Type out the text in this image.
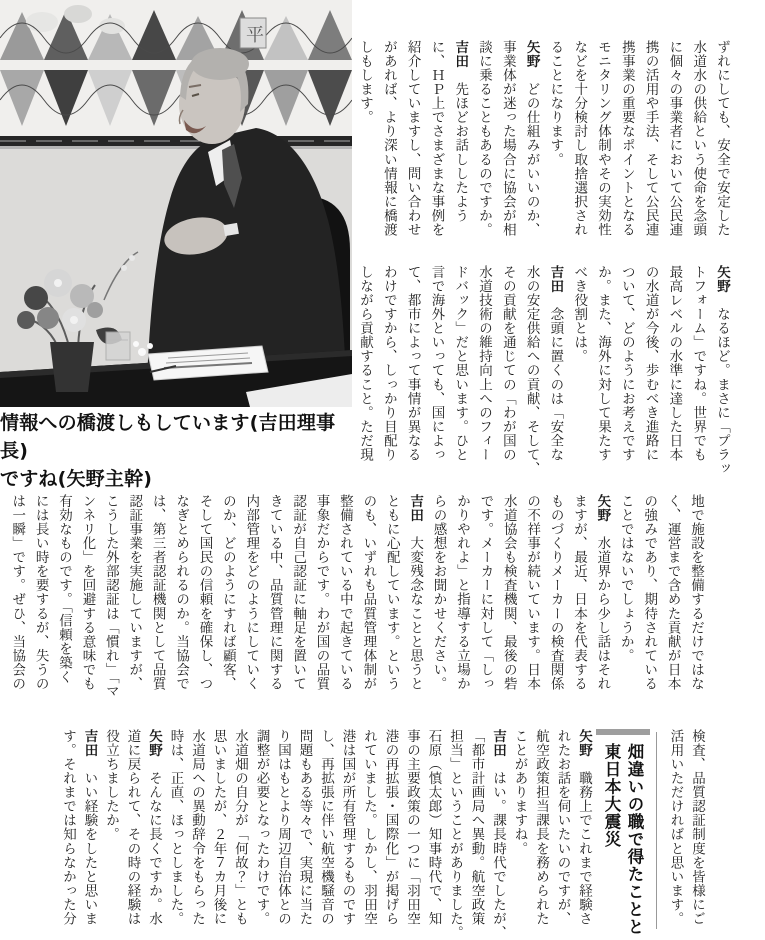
平
情報への橋渡しもしています(吉田理事長)
ですね(矢野主幹)

ずれにしても、安全で安定した

水道水の供給という使命を念頭

に個々の事業者において公民連

携の活用や手法、そして公民連

携事業の重要なポイントとなる

モニタリング体制やその実効性

などを十分検討し取捨選択され

ることになります。

矢野　どの仕組みがいいのか、

事業体が迷った場合に協会が相

談に乗ることもあるのですか。

吉田　先ほどお話ししたよう

に、ＨＰ上でさまざまな事例を

紹介していますし、問い合わせ

があれば、より深い情報に橋渡

しもします。

矢野　なるほど。まさに「プラッ

トフォーム」ですね。世界でも

最高レベルの水準に達した日本

の水道が今後、歩むべき進路に

ついて、どのようにお考えです

か。また、海外に対して果たす

べき役割とは。

吉田　念頭に置くのは「安全な

水の安定供給への貢献、そして、

その貢献を通じての「わが国の

水道技術の維持向上へのフィー

ドバック」だと思います。ひと

言で海外といっても、国によっ

て、都市によって事情が異なる

わけですから、しっかり目配り

しながら貢献すること。ただ現

地で施設を整備するだけではな

く、運営まで含めた貢献が日本

の強みであり、期待されている

ことではないでしょうか。

矢野　水道界から少し話はそれ

ますが、最近、日本を代表する

ものづくりメーカーの検査関係

の不祥事が続いています。日本

水道協会も検査機関、最後の砦

です。メーカーに対して「しっ

かりやれよ」と指導する立場か

らの感想をお聞かせください。

吉田　大変残念なことと思うと

ともに心配しています。という

のも、いずれも品質管理体制が

整備されている中で起きている

事象だからです。わが国の品質

認証が自己認証に軸足を置いて

きている中、品質管理に関する

内部管理をどのようにしていく

のか、どのようにすれば顧客、

そして国民の信頼を確保し、つ

なぎとめられるのか。当協会で

は、第三者認証機関として品質

認証事業を実施していますが、

こうした外部認証は「慣れ」「マ

ンネリ化」を回避する意味でも

有効なものです。「信頼を築く

には長い時を要するが、失うの

は一瞬」です。ぜひ、当協会の

検査、品質認証制度を皆様にご

活用いただければと思います。

畑違いの職で得たことと

東日本大震災

矢野　職務上でこれまで経験さ

れたお話を伺いたいのですが、

航空政策担当課長を務められた

ことがありますね。

吉田　はい。課長時代でしたが、

「都市計画局へ異動。航空政策

担当」ということがありました。

石原（慎太郎）知事時代で、知

事の主要政策の一つに「羽田空

港の再拡張・国際化」が掲げら

れていました。しかし、羽田空

港は国が所有管理するものです

し、再拡張に伴い航空機騒音の

問題もある等々で、実現に当た

り国はもとより周辺自治体との

調整が必要となったわけです。

水道畑の自分が「何故？」とも

思いましたが、２年７カ月後に

水道局への異動辞令をもらった

時は、正直、ほっとしました。

矢野　そんなに長くですか。水

道に戻られて、その時の経験は

役立ちましたか。

吉田　いい経験をしたと思いま

す。それまでは知らなかった分
